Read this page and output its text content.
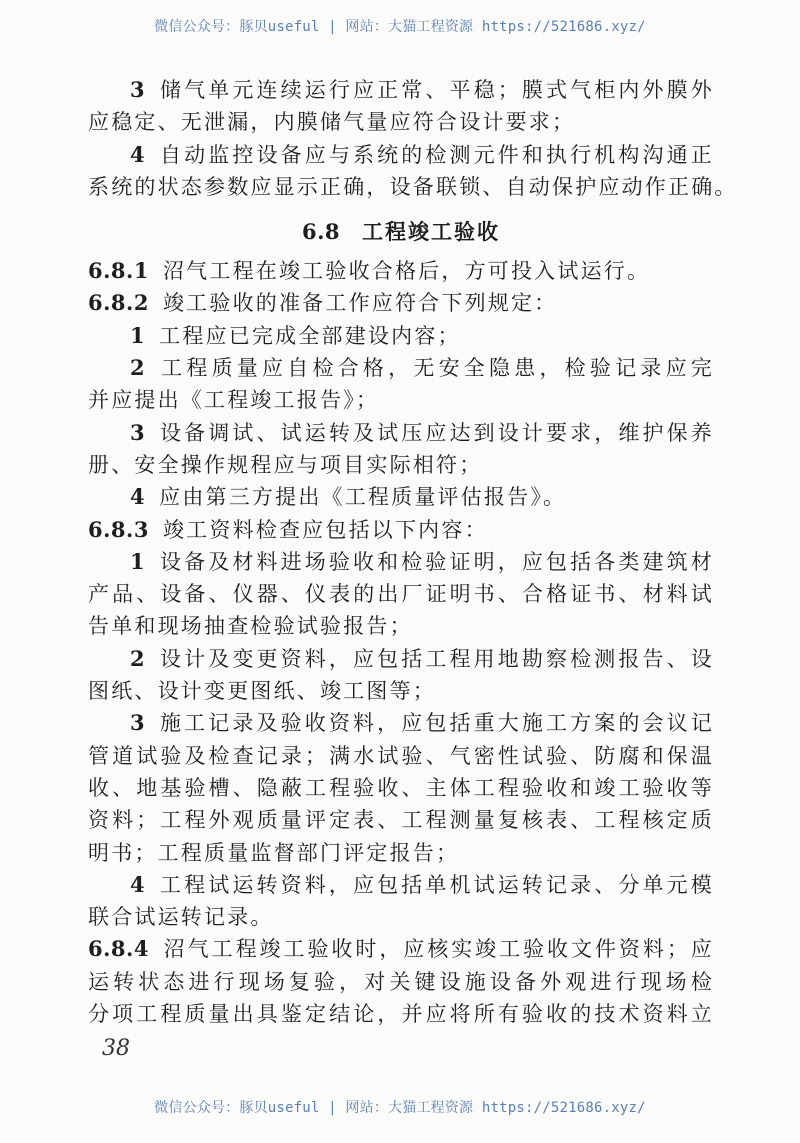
微信公众号：豚贝useful | 网站：大猫工程资源 https://521686.xyz/
3 储气单元连续运行应正常、平稳；膜式气柜内外膜外
应稳定、无泄漏，内膜储气量应符合设计要求；
4 自动监控设备应与系统的检测元件和执行机构沟通正
系统的状态参数应显示正确，设备联锁、自动保护应动作正确。
6.8 工程竣工验收
6.8.1 沼气工程在竣工验收合格后，方可投入试运行。
6.8.2 竣工验收的准备工作应符合下列规定：
1 工程应已完成全部建设内容；
2 工程质量应自检合格，无安全隐患，检验记录应完
并应提出《工程竣工报告》；
3 设备调试、试运转及试压应达到设计要求，维护保养
册、安全操作规程应与项目实际相符；
4 应由第三方提出《工程质量评估报告》。
6.8.3 竣工资料检查应包括以下内容：
1 设备及材料进场验收和检验证明，应包括各类建筑材
产品、设备、仪器、仪表的出厂证明书、合格证书、材料试
告单和现场抽查检验试验报告；
2 设计及变更资料，应包括工程用地勘察检测报告、设
图纸、设计变更图纸、竣工图等；
3 施工记录及验收资料，应包括重大施工方案的会议记
管道试验及检查记录；满水试验、气密性试验、防腐和保温
收、地基验槽、隐蔽工程验收、主体工程验收和竣工验收等
资料；工程外观质量评定表、工程测量复核表、工程核定质
明书；工程质量监督部门评定报告；
4 工程试运转资料，应包括单机试运转记录、分单元模
联合试运转记录。
6.8.4 沼气工程竣工验收时，应核实竣工验收文件资料；应
运转状态进行现场复验，对关键设施设备外观进行现场检
分项工程质量出具鉴定结论，并应将所有验收的技术资料立
38
微信公众号：豚贝useful | 网站：大猫工程资源 https://521686.xyz/
